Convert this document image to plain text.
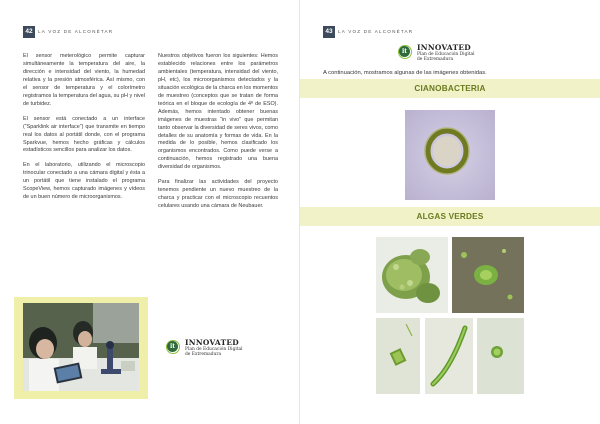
42	LA VOZ DE ALCONÉTAR

El sensor meterológico permite capturar simultáneamente la temperatura del aire, la dirección e intensidad del viento, la humedad relativa y la presión atmosférica. Así mismo, con el sensor de temperatura y el colorímetro registramos la temperatura del agua, su pH y nivel de turbidez.

El sensor está conectado a un interface (“Sparklink air interface”) que transmite en tiempo real los datos al portátil donde, con el programa Sparkvue, hemos hecho gráficas y cálculos estadísticos sencillos para analizar los datos.

En el laboratorio, utilizando el microscopio trinocular conectado a una cámara digital y ésta a un portátil que tiene instalado el programa ScopeView, hemos capturado imágenes y vídeos de un buen número de microorganismos.

Nuestros objetivos fueron los siguientes: Hemos establecido relaciones entre los parámetros ambientales (temperatura, intensidad del viento, pH, etc), los microorganismos detectados y la situación ecológica de la charca en los momentos de muestreo (conceptos que se tratan de forma teórica en el bloque de ecología de 4º de ESO). Además, hemos intentado obtener buenas imágenes de muestras “in vivo” que permitan tanto observar la diversidad de seres vivos, como detalles de su anatomía y formas de vida. En la medida de lo posible, hemos clasificado los organismos encontrados. Como puede verse a continuación, hemos registrado una buena diversidad de organismos.

Para finalizar las actividades del proyecto tenemos pendiente un nuevo muestreo de la charca y practicar con el microscopio recuentos celulares usando una cámara de Neubauer.

it	INNOVATED
Plan de Educación Digital
de Extremadura
43	LA VOZ DE ALCONÉTAR
it	INNOVATED
Plan de Educación Digital
de Extremadura
A continuación, mostramos algunas de las imágenes obtenidas.
CIANOBACTERIA
ALGAS VERDES
